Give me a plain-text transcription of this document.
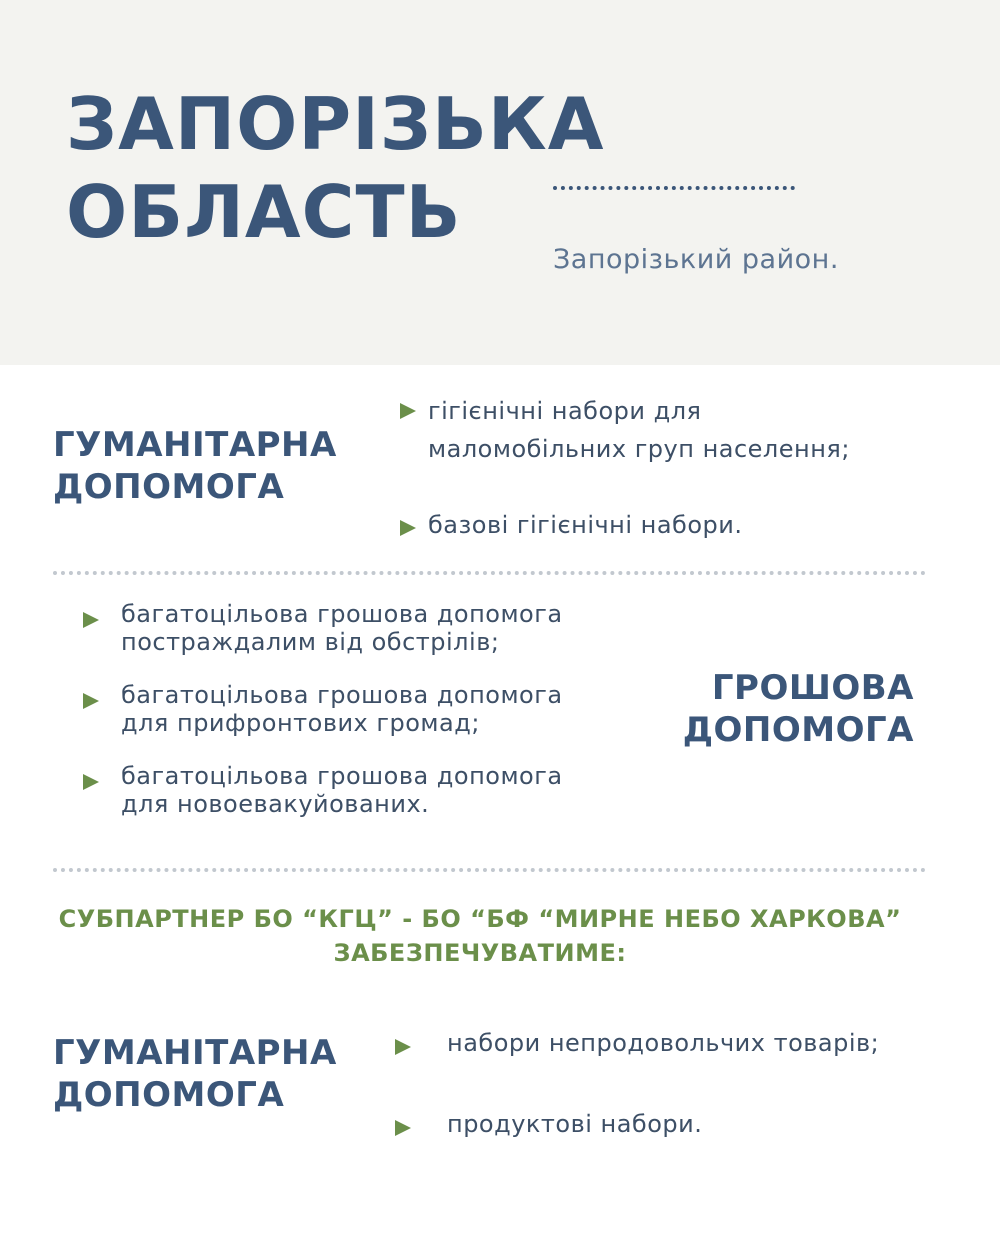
ЗАПОРІЗЬКА
ОБЛАСТЬ
Запорізький район.
ГУМАНІТАРНА
ДОПОМОГА
гігієнічні набори для
маломобільних груп населення;
базові гігієнічні набори.
багатоцільова грошова допомога
постраждалим від обстрілів;
багатоцільова грошова допомога
для прифронтових громад;
багатоцільова грошова допомога
для новоевакуйованих.
ГРОШОВА
ДОПОМОГА
СУБПАРТНЕР БО “КГЦ” - БО “БФ “МИРНЕ НЕБО ХАРКОВА”
ЗАБЕЗПЕЧУВАТИМЕ:
ГУМАНІТАРНА
ДОПОМОГА
набори непродовольчих товарів;
продуктові набори.
